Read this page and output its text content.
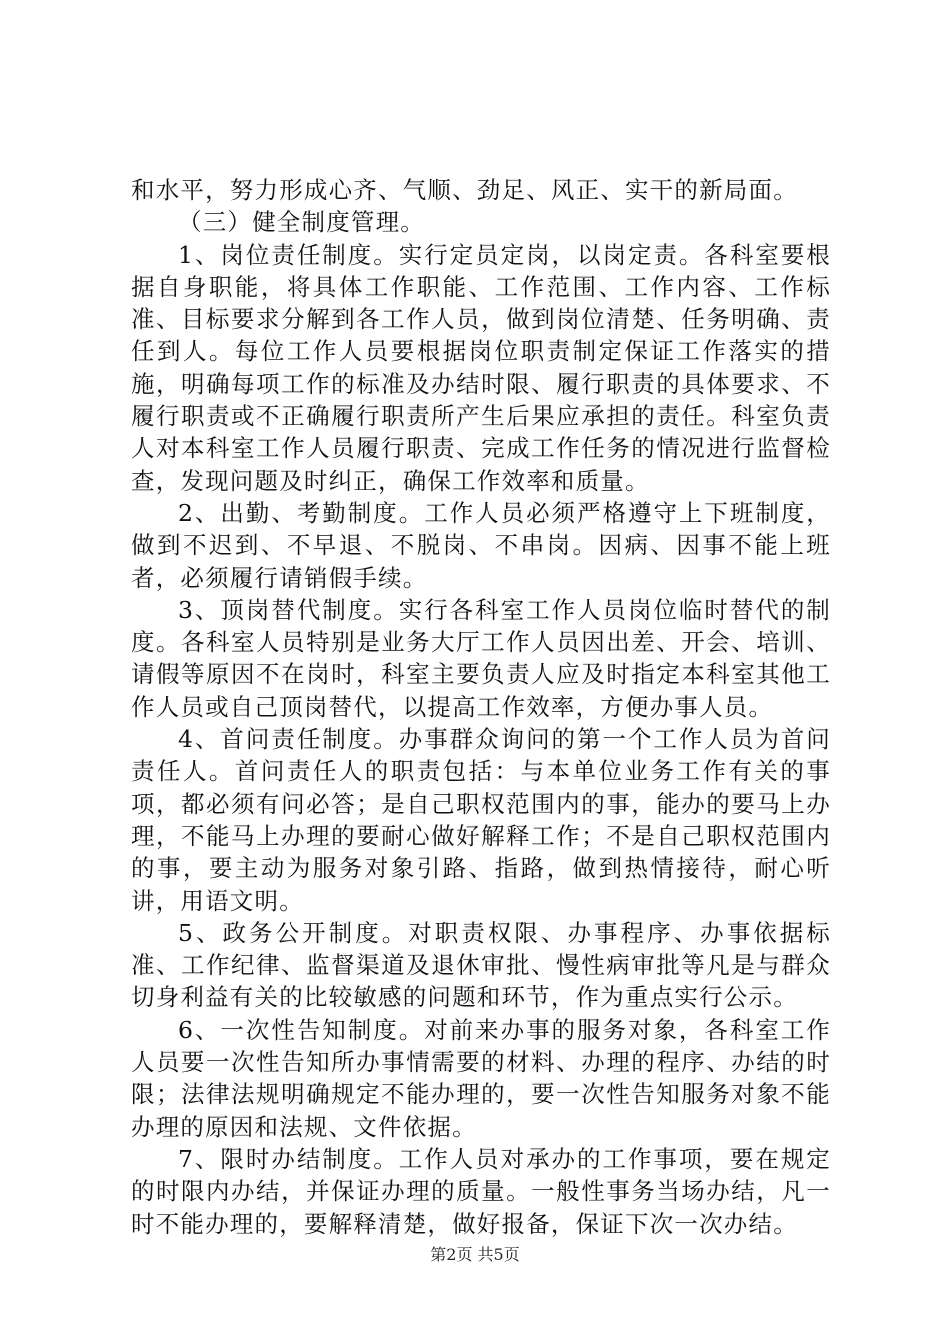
和水平，努力形成心齐、气顺、劲足、风正、实干的新局面。

（三）健全制度管理。

1、岗位责任制度。实行定员定岗，以岗定责。各科室要根据自身职能，将具体工作职能、工作范围、工作内容、工作标准、目标要求分解到各工作人员，做到岗位清楚、任务明确、责任到人。每位工作人员要根据岗位职责制定保证工作落实的措施，明确每项工作的标准及办结时限、履行职责的具体要求、不履行职责或不正确履行职责所产生后果应承担的责任。科室负责人对本科室工作人员履行职责、完成工作任务的情况进行监督检查，发现问题及时纠正，确保工作效率和质量。

2、出勤、考勤制度。工作人员必须严格遵守上下班制度，做到不迟到、不早退、不脱岗、不串岗。因病、因事不能上班者，必须履行请销假手续。

3、顶岗替代制度。实行各科室工作人员岗位临时替代的制度。各科室人员特别是业务大厅工作人员因出差、开会、培训、请假等原因不在岗时，科室主要负责人应及时指定本科室其他工作人员或自己顶岗替代，以提高工作效率，方便办事人员。

4、首问责任制度。办事群众询问的第一个工作人员为首问责任人。首问责任人的职责包括：与本单位业务工作有关的事项，都必须有问必答；是自己职权范围内的事，能办的要马上办理，不能马上办理的要耐心做好解释工作；不是自己职权范围内的事，要主动为服务对象引路、指路，做到热情接待，耐心听讲，用语文明。

5、政务公开制度。对职责权限、办事程序、办事依据标准、工作纪律、监督渠道及退休审批、慢性病审批等凡是与群众切身利益有关的比较敏感的问题和环节，作为重点实行公示。

6、一次性告知制度。对前来办事的服务对象，各科室工作人员要一次性告知所办事情需要的材料、办理的程序、办结的时限；法律法规明确规定不能办理的，要一次性告知服务对象不能办理的原因和法规、文件依据。

7、限时办结制度。工作人员对承办的工作事项，要在规定的时限内办结，并保证办理的质量。一般性事务当场办结，凡一时不能办理的，要解释清楚，做好报备，保证下次一次办结。

第2页 共5页
